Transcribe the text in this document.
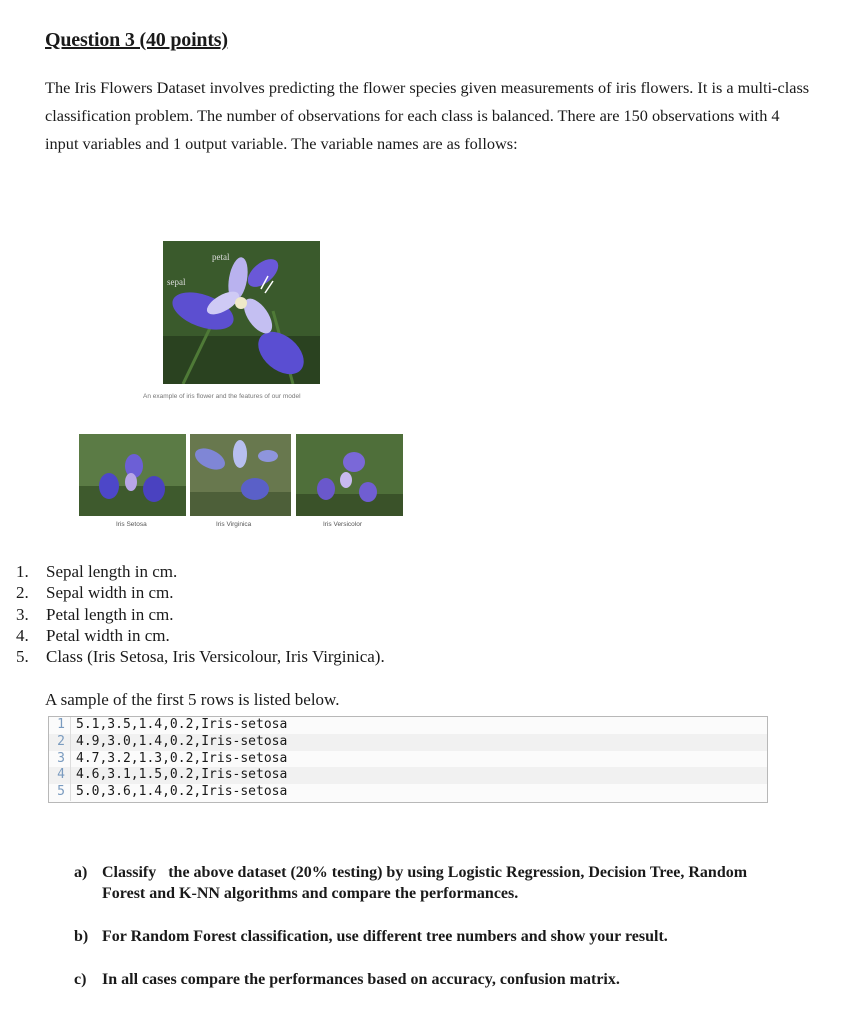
Question 3 (40 points)

The Iris Flowers Dataset involves predicting the flower species given measurements of iris flowers. It is a multi-class classification problem. The number of observations for each class is balanced. There are 150 observations with 4 input variables and 1 output variable. The variable names are as follows:

petal
sepal
An example of iris flower and the features of our model
Iris Setosa	Iris Virginica	Iris Versicolor
1.	Sepal length in cm.
2.	Sepal width in cm.
3.	Petal length in cm.
4.	Petal width in cm.
5.	Class (Iris Setosa, Iris Versicolour, Iris Virginica).
A sample of the first 5 rows is listed below.
1 5.1,3.5,1.4,0.2,Iris-setosa
2 4.9,3.0,1.4,0.2,Iris-setosa
3 4.7,3.2,1.3,0.2,Iris-setosa
4 4.6,3.1,1.5,0.2,Iris-setosa
5 5.0,3.6,1.4,0.2,Iris-setosa
a) Classify   the above dataset (20% testing) by using Logistic Regression, Decision Tree, Random Forest and K-NN algorithms and compare the performances.
b) For Random Forest classification, use different tree numbers and show your result.
c) In all cases compare the performances based on accuracy, confusion matrix.
